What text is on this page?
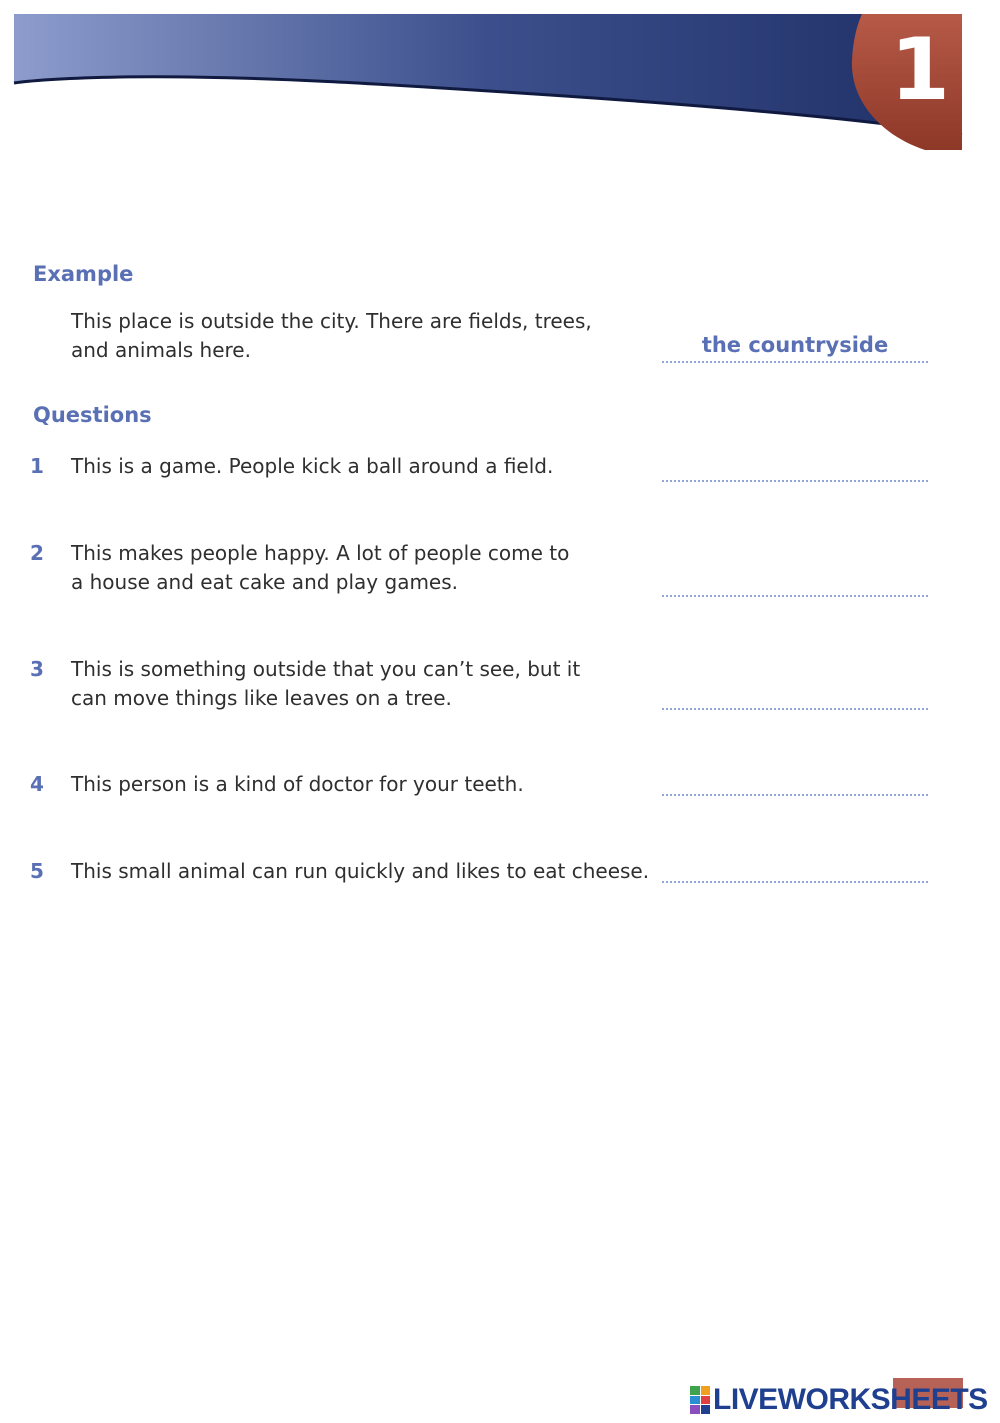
1
Example
This place is outside the city. There are fields, trees,
and animals here.	the countryside
Questions
1	This is a game. People kick a ball around a field.
2	This makes people happy. A lot of people come to
a house and eat cake and play games.
3	This is something outside that you can’t see, but it
can move things like leaves on a tree.
4	This person is a kind of doctor for your teeth.
5	This small animal can run quickly and likes to eat cheese.
LIVEWORKSHEETS
